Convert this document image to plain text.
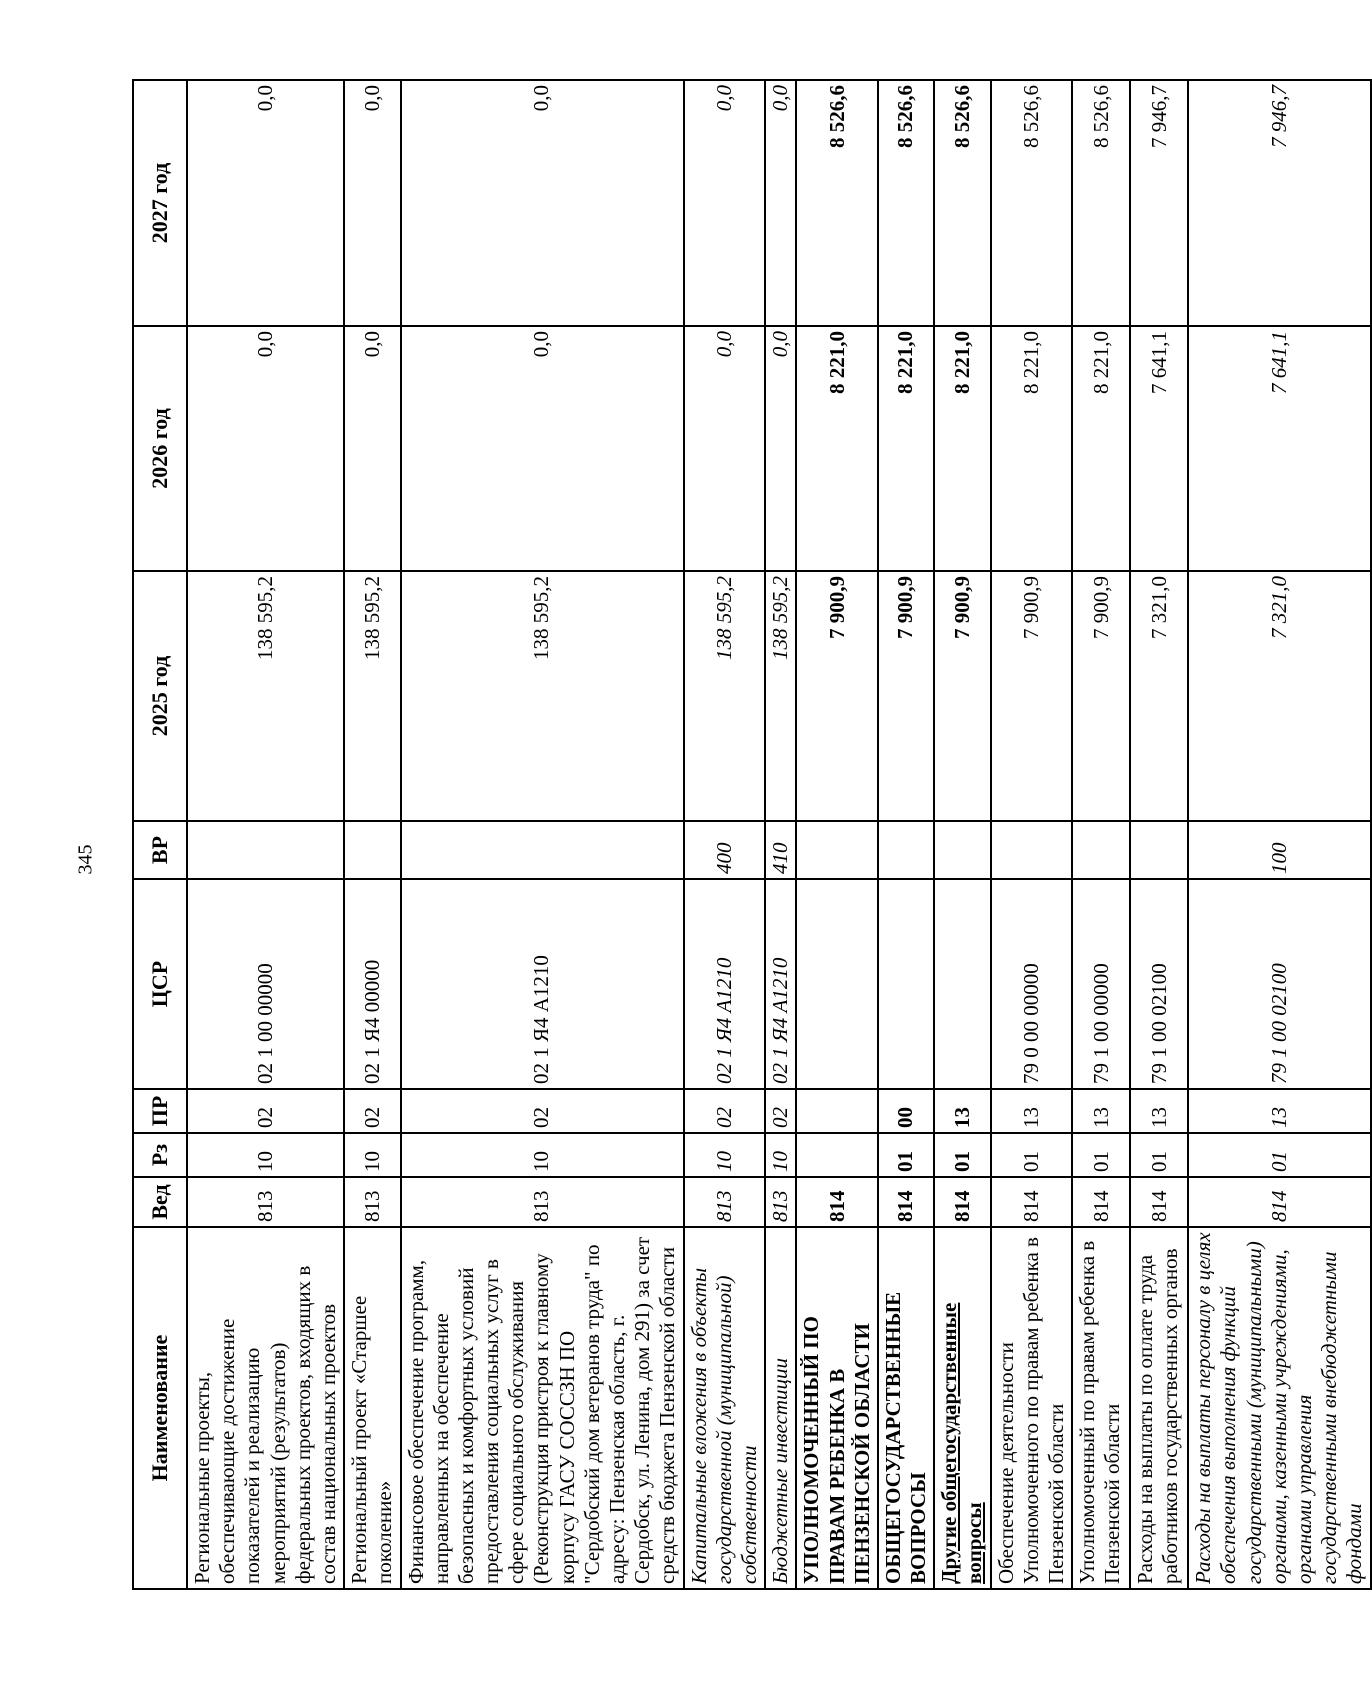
345
Наименование	Вед	Рз	ПР	ЦСР	ВР	2025 год	2026 год	2027 год
Региональные проекты, обеспечивающие достижение показателей и реализацию мероприятий (результатов) федеральных проектов, входящих в состав национальных проектов	813	10	02	02 1 00 00000		138 595,2	0,0	0,0
Региональный проект «Старшее поколение»	813	10	02	02 1 Я4 00000		138 595,2	0,0	0,0
Финансовое обеспечение программ, направленных на обеспечение безопасных и комфортных условий предоставления социальных услуг в сфере социального обслуживания (Реконструкция пристроя к главному корпусу ГАСУ СОССЗН ПО "Сердобский дом ветеранов труда" по адресу: Пензенская область, г. Сердобск, ул. Ленина, дом 291) за счет средств бюджета Пензенской области	813	10	02	02 1 Я4 А1210		138 595,2	0,0	0,0
Капитальные вложения в объекты государственной (муниципальной) собственности	813	10	02	02 1 Я4 А1210	400	138 595,2	0,0	0,0
Бюджетные инвестиции	813	10	02	02 1 Я4 А1210	410	138 595,2	0,0	0,0
УПОЛНОМОЧЕННЫЙ ПО ПРАВАМ РЕБЕНКА В ПЕНЗЕНСКОЙ ОБЛАСТИ	814					7 900,9	8 221,0	8 526,6
ОБЩЕГОСУДАРСТВЕННЫЕ ВОПРОСЫ	814	01	00			7 900,9	8 221,0	8 526,6
Другие общегосударственные вопросы	814	01	13			7 900,9	8 221,0	8 526,6
Обеспечение деятельности Уполномоченного по правам ребенка в Пензенской области	814	01	13	79 0 00 00000		7 900,9	8 221,0	8 526,6
Уполномоченный по правам ребенка в Пензенской области	814	01	13	79 1 00 00000		7 900,9	8 221,0	8 526,6
Расходы на выплаты по оплате труда работников государственных органов	814	01	13	79 1 00 02100		7 321,0	7 641,1	7 946,7
Расходы на выплаты персоналу в целях обеспечения выполнения функций государственными (муниципальными) органами, казенными учреждениями, органами управления государственными внебюджетными фондами	814	01	13	79 1 00 02100	100	7 321,0	7 641,1	7 946,7
